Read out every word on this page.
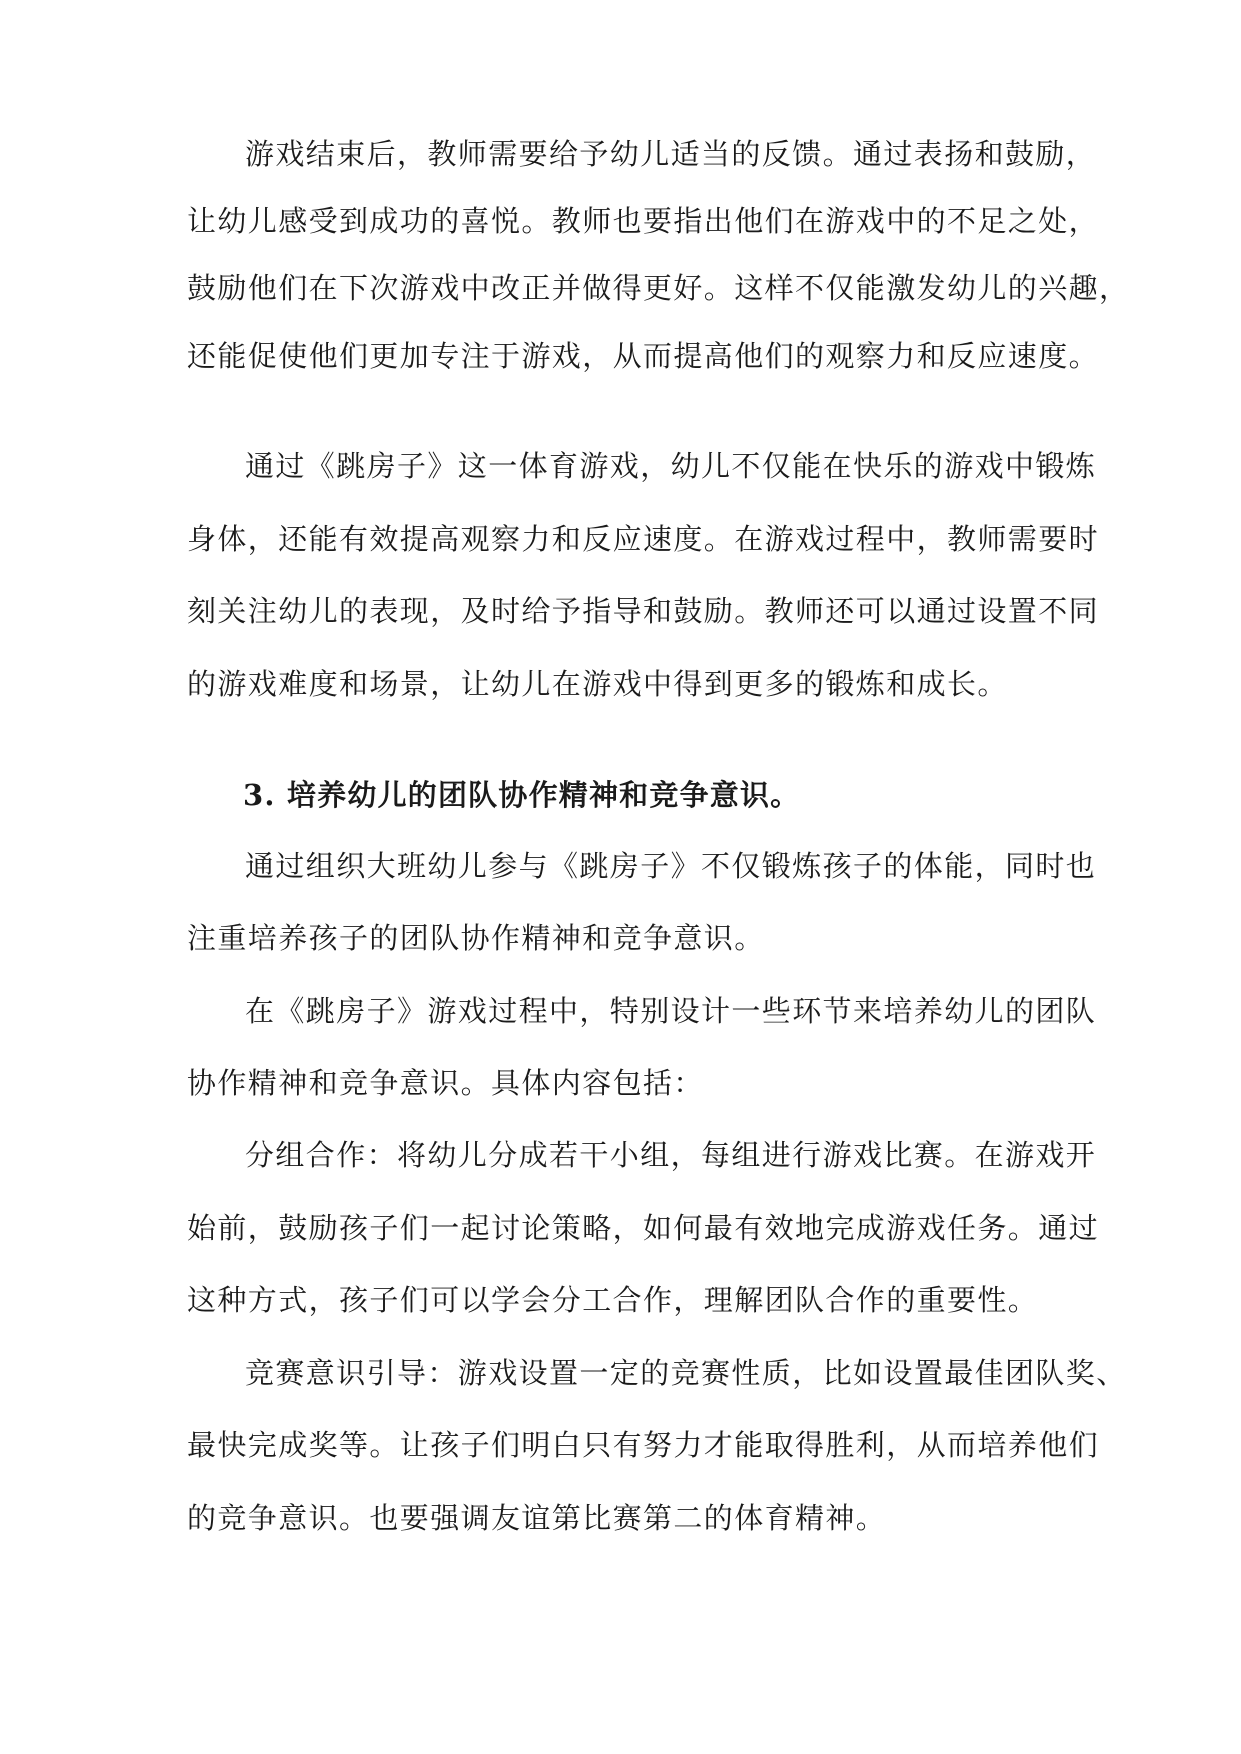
游戏结束后，教师需要给予幼儿适当的反馈。通过表扬和鼓励，
让幼儿感受到成功的喜悦。教师也要指出他们在游戏中的不足之处，
鼓励他们在下次游戏中改正并做得更好。这样不仅能激发幼儿的兴趣，
还能促使他们更加专注于游戏，从而提高他们的观察力和反应速度。
通过《跳房子》这一体育游戏，幼儿不仅能在快乐的游戏中锻炼
身体，还能有效提高观察力和反应速度。在游戏过程中，教师需要时
刻关注幼儿的表现，及时给予指导和鼓励。教师还可以通过设置不同
的游戏难度和场景，让幼儿在游戏中得到更多的锻炼和成长。
3. 培养幼儿的团队协作精神和竞争意识。
通过组织大班幼儿参与《跳房子》不仅锻炼孩子的体能，同时也
注重培养孩子的团队协作精神和竞争意识。
在《跳房子》游戏过程中，特别设计一些环节来培养幼儿的团队
协作精神和竞争意识。具体内容包括：
分组合作：将幼儿分成若干小组，每组进行游戏比赛。在游戏开
始前，鼓励孩子们一起讨论策略，如何最有效地完成游戏任务。通过
这种方式，孩子们可以学会分工合作，理解团队合作的重要性。
竞赛意识引导：游戏设置一定的竞赛性质，比如设置最佳团队奖、
最快完成奖等。让孩子们明白只有努力才能取得胜利，从而培养他们
的竞争意识。也要强调友谊第比赛第二的体育精神。
